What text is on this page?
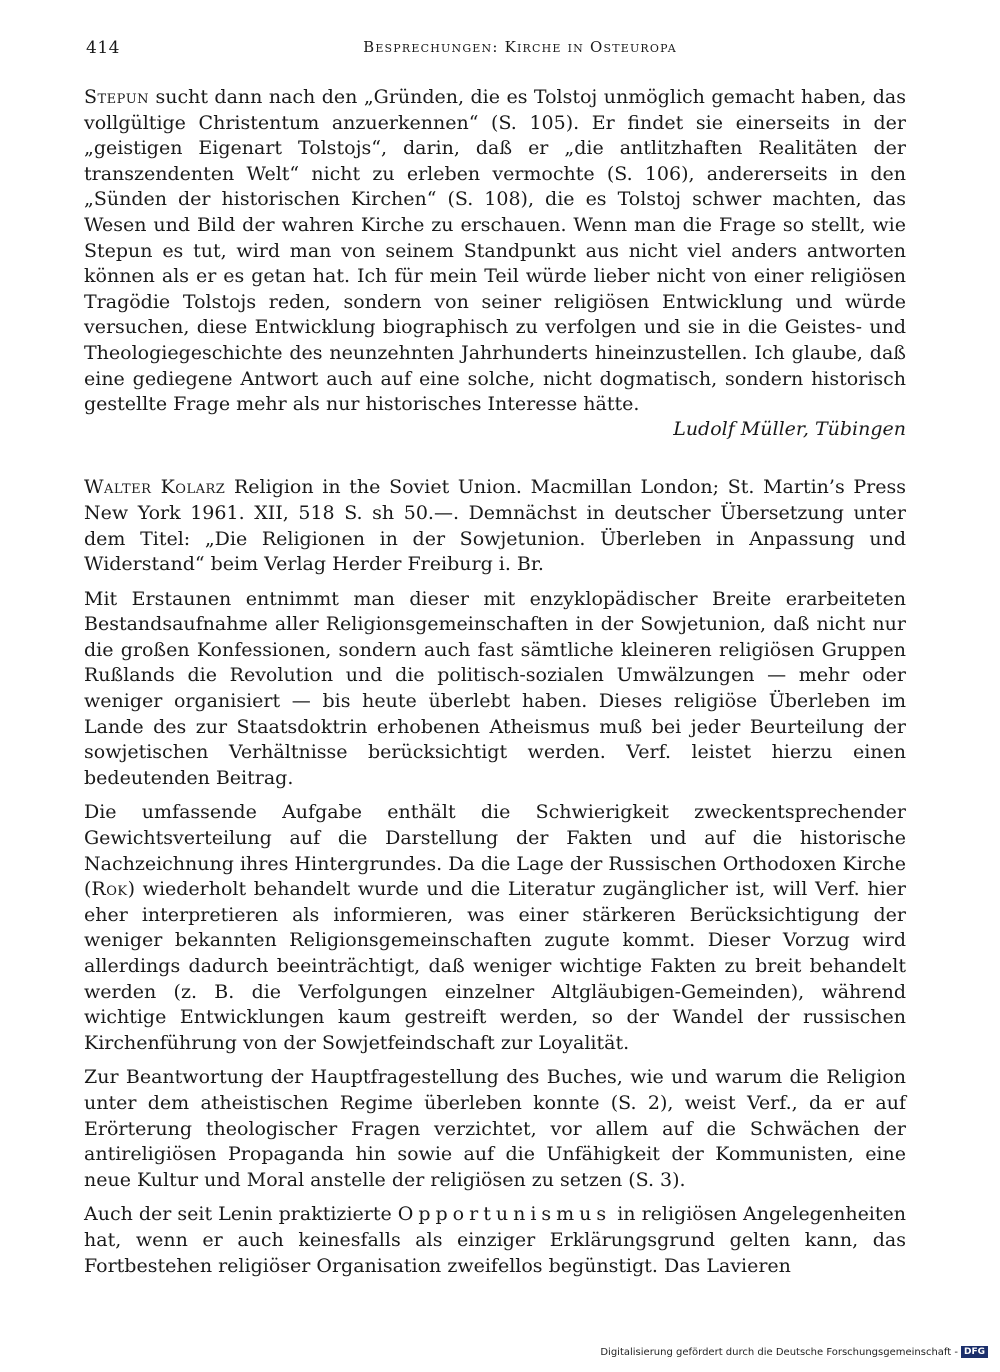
414	Besprechungen: Kirche in Osteuropa

Stepun sucht dann nach den „Gründen, die es Tolstoj unmöglich gemacht haben, das vollgültige Christentum anzuerkennen“ (S. 105). Er findet sie einerseits in der „geistigen Eigenart Tolstojs“, darin, daß er „die antlitzhaften Realitäten der transzendenten Welt“ nicht zu erleben vermochte (S. 106), andererseits in den „Sünden der historischen Kirchen“ (S. 108), die es Tolstoj schwer machten, das Wesen und Bild der wahren Kirche zu erschauen. Wenn man die Frage so stellt, wie Stepun es tut, wird man von seinem Standpunkt aus nicht viel anders antworten können als er es getan hat. Ich für mein Teil würde lieber nicht von einer religiösen Tragödie Tolstojs reden, sondern von seiner religiösen Entwicklung und würde versuchen, diese Entwicklung biographisch zu verfolgen und sie in die Geistes- und Theologiegeschichte des neunzehnten Jahrhunderts hineinzustellen. Ich glaube, daß eine gediegene Antwort auch auf eine solche, nicht dogmatisch, sondern historisch gestellte Frage mehr als nur historisches Interesse hätte.

Ludolf Müller, Tübingen

Walter Kolarz Religion in the Soviet Union. Macmillan London; St. Martin’s Press New York 1961. XII, 518 S. sh 50.—. Demnächst in deutscher Übersetzung unter dem Titel: „Die Religionen in der Sowjetunion. Überleben in Anpassung und Widerstand“ beim Verlag Herder Freiburg i. Br.

Mit Erstaunen entnimmt man dieser mit enzyklopädischer Breite erarbeiteten Bestandsaufnahme aller Religionsgemeinschaften in der Sowjetunion, daß nicht nur die großen Konfessionen, sondern auch fast sämtliche kleineren religiösen Gruppen Rußlands die Revolution und die politisch-sozialen Umwälzungen — mehr oder weniger organisiert — bis heute überlebt haben. Dieses religiöse Überleben im Lande des zur Staatsdoktrin erhobenen Atheismus muß bei jeder Beurteilung der sowjetischen Verhältnisse berücksichtigt werden. Verf. leistet hierzu einen bedeutenden Beitrag.

Die umfassende Aufgabe enthält die Schwierigkeit zweckentsprechender Gewichtsverteilung auf die Darstellung der Fakten und auf die historische Nachzeichnung ihres Hintergrundes. Da die Lage der Russischen Orthodoxen Kirche (Rok) wiederholt behandelt wurde und die Literatur zugänglicher ist, will Verf. hier eher interpretieren als informieren, was einer stärkeren Berücksichtigung der weniger bekannten Religionsgemeinschaften zugute kommt. Dieser Vorzug wird allerdings dadurch beeinträchtigt, daß weniger wichtige Fakten zu breit behandelt werden (z. B. die Verfolgungen einzelner Altgläubigen-Gemeinden), während wichtige Entwicklungen kaum gestreift werden, so der Wandel der russischen Kirchenführung von der Sowjetfeindschaft zur Loyalität.

Zur Beantwortung der Hauptfragestellung des Buches, wie und warum die Religion unter dem atheistischen Regime überleben konnte (S. 2), weist Verf., da er auf Erörterung theologischer Fragen verzichtet, vor allem auf die Schwächen der antireligiösen Propaganda hin sowie auf die Unfähigkeit der Kommunisten, eine neue Kultur und Moral anstelle der religiösen zu setzen (S. 3).

Auch der seit Lenin praktizierte Opportunismus in religiösen Angelegenheiten hat, wenn er auch keinesfalls als einziger Erklärungsgrund gelten kann, das Fortbestehen religiöser Organisation zweifellos begünstigt. Das Lavieren

Digitalisierung gefördert durch die Deutsche Forschungsgemeinschaft - DFG
